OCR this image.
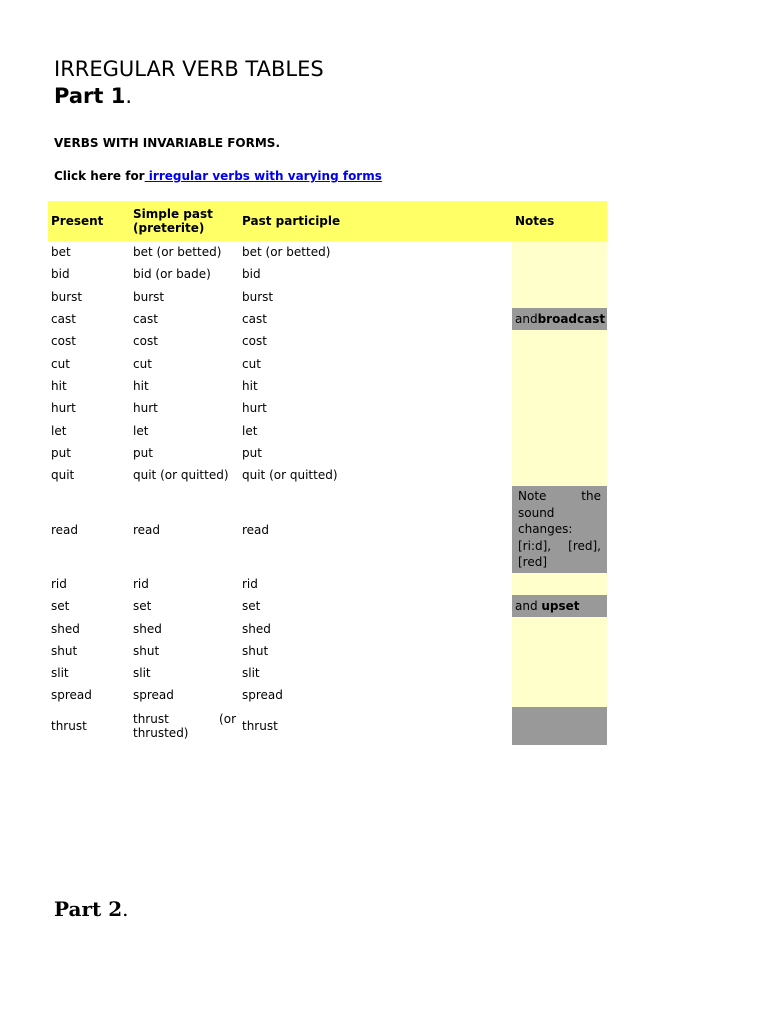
IRREGULAR VERB TABLES
Part 1.
VERBS WITH INVARIABLE FORMS.
Click here for irregular verbs with varying forms
Present	Simple past (preterite)	Past participle	Notes
bet	bet (or betted)	bet (or betted)	
bid	bid (or bade)	bid	
burst	burst	burst	
cast	cast	cast	andbroadcast
cost	cost	cost	
cut	cut	cut	
hit	hit	hit	
hurt	hurt	hurt	
let	let	let	
put	put	put	
quit	quit (or quitted)	quit (or quitted)	
read	read	read	Note the sound changes: [ri:d], [red], [red]

rid	rid	rid	
set	set	set	and upset
shed	shed	shed	
shut	shut	shut	
slit	slit	slit	
spread	spread	spread	
thrust	thrust (or thrusted)	thrust	
Part 2.
